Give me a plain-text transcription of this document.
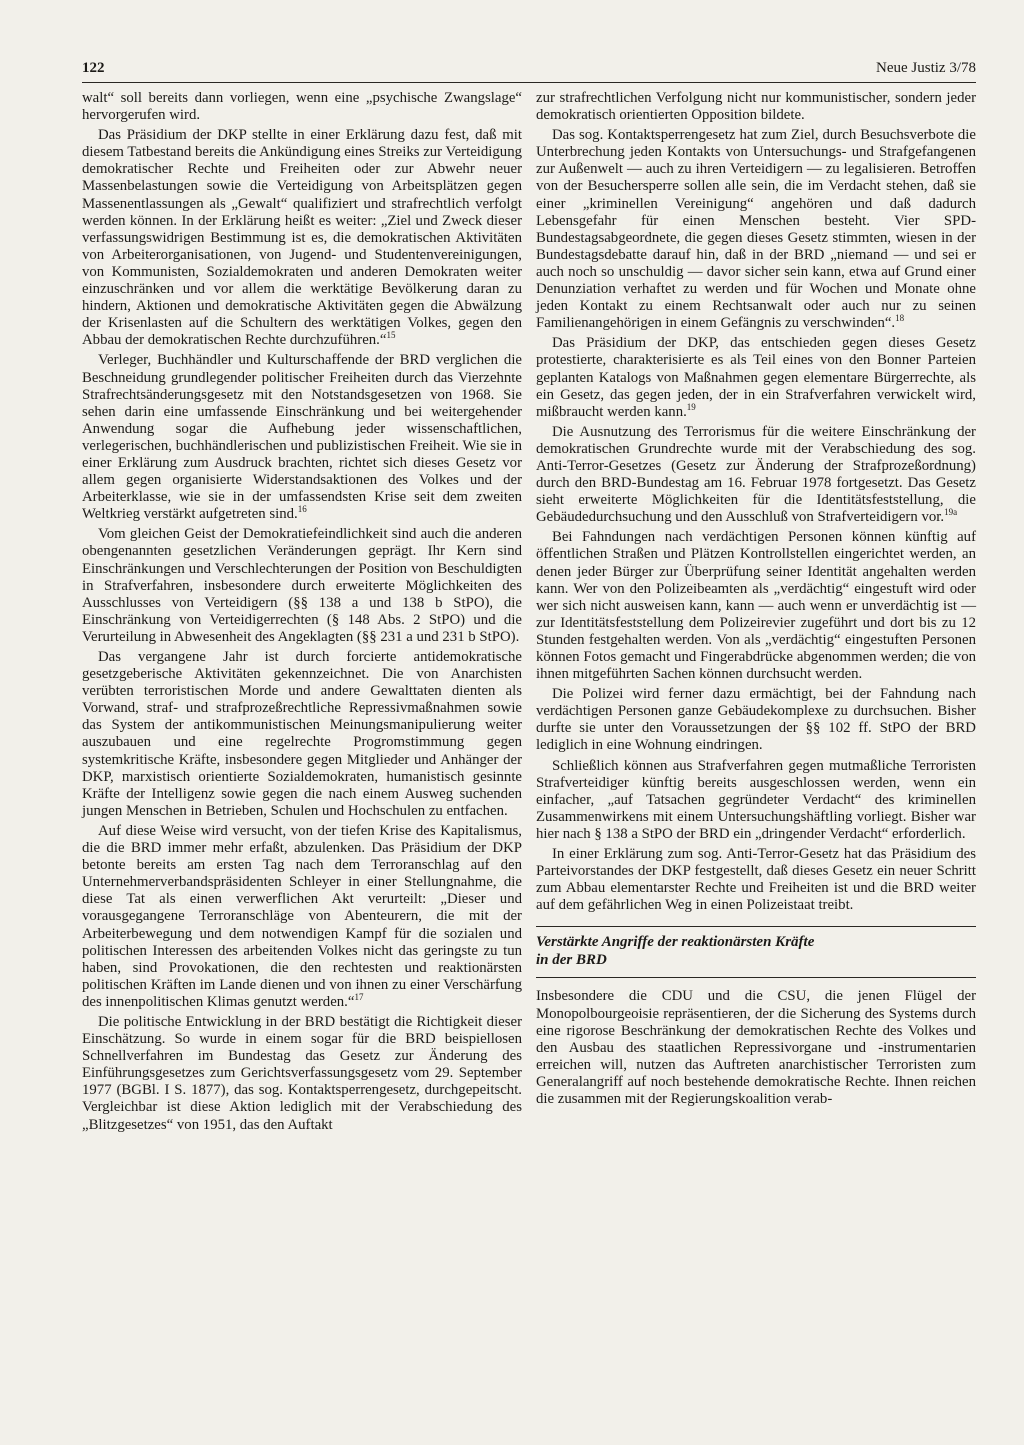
122	Neue Justiz 3/78

walt“ soll bereits dann vorliegen, wenn eine „psychische Zwangslage“ hervorgerufen wird.

Das Präsidium der DKP stellte in einer Erklärung dazu fest, daß mit diesem Tatbestand bereits die Ankündigung eines Streiks zur Verteidigung demokratischer Rechte und Freiheiten oder zur Abwehr neuer Massenbelastungen sowie die Verteidigung von Arbeitsplätzen gegen Massenentlassungen als „Gewalt“ qualifiziert und strafrechtlich verfolgt werden können. In der Erklärung heißt es weiter: „Ziel und Zweck dieser verfassungswidrigen Bestimmung ist es, die demokratischen Aktivitäten von Arbeiterorganisationen, von Jugend- und Studentenvereinigungen, von Kommunisten, Sozialdemokraten und anderen Demokraten weiter einzuschränken und vor allem die werktätige Bevölkerung daran zu hindern, Aktionen und demokratische Aktivitäten gegen die Abwälzung der Krisenlasten auf die Schultern des werktätigen Volkes, gegen den Abbau der demokratischen Rechte durchzuführen.“$^{15}$

Verleger, Buchhändler und Kulturschaffende der BRD verglichen die Beschneidung grundlegender politischer Freiheiten durch das Vierzehnte Strafrechtsänderungsgesetz mit den Notstandsgesetzen von 1968. Sie sehen darin eine umfassende Einschränkung und bei weitergehender Anwendung sogar die Aufhebung jeder wissenschaftlichen, verlegerischen, buchhändlerischen und publizistischen Freiheit. Wie sie in einer Erklärung zum Ausdruck brachten, richtet sich dieses Gesetz vor allem gegen organisierte Widerstandsaktionen des Volkes und der Arbeiterklasse, wie sie in der umfassendsten Krise seit dem zweiten Weltkrieg verstärkt aufgetreten sind.$^{16}$

Vom gleichen Geist der Demokratiefeindlichkeit sind auch die anderen obengenannten gesetzlichen Veränderungen geprägt. Ihr Kern sind Einschränkungen und Verschlechterungen der Position von Beschuldigten in Strafverfahren, insbesondere durch erweiterte Möglichkeiten des Ausschlusses von Verteidigern (§§ 138 a und 138 b StPO), die Einschränkung von Verteidigerrechten (§ 148 Abs. 2 StPO) und die Verurteilung in Abwesenheit des Angeklagten (§§ 231 a und 231 b StPO).

Das vergangene Jahr ist durch forcierte antidemokratische gesetzgeberische Aktivitäten gekennzeichnet. Die von Anarchisten verübten terroristischen Morde und andere Gewalttaten dienten als Vorwand, straf- und strafprozeßrechtliche Repressivmaßnahmen sowie das System der antikommunistischen Meinungsmanipulierung weiter auszubauen und eine regelrechte Progromstimmung gegen systemkritische Kräfte, insbesondere gegen Mitglieder und Anhänger der DKP, marxistisch orientierte Sozialdemokraten, humanistisch gesinnte Kräfte der Intelligenz sowie gegen die nach einem Ausweg suchenden jungen Menschen in Betrieben, Schulen und Hochschulen zu entfachen.

Auf diese Weise wird versucht, von der tiefen Krise des Kapitalismus, die die BRD immer mehr erfaßt, abzulenken. Das Präsidium der DKP betonte bereits am ersten Tag nach dem Terroranschlag auf den Unternehmerverbandspräsidenten Schleyer in einer Stellungnahme, die diese Tat als einen verwerflichen Akt verurteilt: „Dieser und vorausgegangene Terroranschläge von Abenteurern, die mit der Arbeiterbewegung und dem notwendigen Kampf für die sozialen und politischen Interessen des arbeitenden Volkes nicht das geringste zu tun haben, sind Provokationen, die den rechtesten und reaktionärsten politischen Kräften im Lande dienen und von ihnen zu einer Verschärfung des innenpolitischen Klimas genutzt werden.“$^{17}$

Die politische Entwicklung in der BRD bestätigt die Richtigkeit dieser Einschätzung. So wurde in einem sogar für die BRD beispiellosen Schnellverfahren im Bundestag das Gesetz zur Änderung des Einführungsgesetzes zum Gerichtsverfassungsgesetz vom 29. September 1977 (BGBl. I S. 1877), das sog. Kontaktsperrengesetz, durchgepeitscht. Vergleichbar ist diese Aktion lediglich mit der Verabschiedung des „Blitzgesetzes“ von 1951, das den Auftakt

zur strafrechtlichen Verfolgung nicht nur kommunistischer, sondern jeder demokratisch orientierten Opposition bildete.

Das sog. Kontaktsperrengesetz hat zum Ziel, durch Besuchsverbote die Unterbrechung jeden Kontakts von Untersuchungs- und Strafgefangenen zur Außenwelt — auch zu ihren Verteidigern — zu legalisieren. Betroffen von der Besuchersperre sollen alle sein, die im Verdacht stehen, daß sie einer „kriminellen Vereinigung“ angehören und daß dadurch Lebensgefahr für einen Menschen besteht. Vier SPD-Bundestagsabgeordnete, die gegen dieses Gesetz stimmten, wiesen in der Bundestagsdebatte darauf hin, daß in der BRD „niemand — und sei er auch noch so unschuldig — davor sicher sein kann, etwa auf Grund einer Denunziation verhaftet zu werden und für Wochen und Monate ohne jeden Kontakt zu einem Rechtsanwalt oder auch nur zu seinen Familienangehörigen in einem Gefängnis zu verschwinden“.$^{18}$

Das Präsidium der DKP, das entschieden gegen dieses Gesetz protestierte, charakterisierte es als Teil eines von den Bonner Parteien geplanten Katalogs von Maßnahmen gegen elementare Bürgerrechte, als ein Gesetz, das gegen jeden, der in ein Strafverfahren verwickelt wird, mißbraucht werden kann.$^{19}$

Die Ausnutzung des Terrorismus für die weitere Einschränkung der demokratischen Grundrechte wurde mit der Verabschiedung des sog. Anti-Terror-Gesetzes (Gesetz zur Änderung der Strafprozeßordnung) durch den BRD-Bundestag am 16. Februar 1978 fortgesetzt. Das Gesetz sieht erweiterte Möglichkeiten für die Identitätsfeststellung, die Gebäudedurchsuchung und den Ausschluß von Strafverteidigern vor.$^{19a}$

Bei Fahndungen nach verdächtigen Personen können künftig auf öffentlichen Straßen und Plätzen Kontrollstellen eingerichtet werden, an denen jeder Bürger zur Überprüfung seiner Identität angehalten werden kann. Wer von den Polizeibeamten als „verdächtig“ eingestuft wird oder wer sich nicht ausweisen kann, kann — auch wenn er unverdächtig ist — zur Identitätsfeststellung dem Polizeirevier zugeführt und dort bis zu 12 Stunden festgehalten werden. Von als „verdächtig“ eingestuften Personen können Fotos gemacht und Fingerabdrücke abgenommen werden; die von ihnen mitgeführten Sachen können durchsucht werden.

Die Polizei wird ferner dazu ermächtigt, bei der Fahndung nach verdächtigen Personen ganze Gebäudekomplexe zu durchsuchen. Bisher durfte sie unter den Voraussetzungen der §§ 102 ff. StPO der BRD lediglich in eine Wohnung eindringen.

Schließlich können aus Strafverfahren gegen mutmaßliche Terroristen Strafverteidiger künftig bereits ausgeschlossen werden, wenn ein einfacher, „auf Tatsachen gegründeter Verdacht“ des kriminellen Zusammenwirkens mit einem Untersuchungshäftling vorliegt. Bisher war hier nach § 138 a StPO der BRD ein „dringender Verdacht“ erforderlich.

In einer Erklärung zum sog. Anti-Terror-Gesetz hat das Präsidium des Parteivorstandes der DKP festgestellt, daß dieses Gesetz ein neuer Schritt zum Abbau elementarster Rechte und Freiheiten ist und die BRD weiter auf dem gefährlichen Weg in einen Polizeistaat treibt.

Verstärkte Angriffe der reaktionärsten Kräfte
in der BRD

Insbesondere die CDU und die CSU, die jenen Flügel der Monopolbourgeoisie repräsentieren, der die Sicherung des Systems durch eine rigorose Beschränkung der demokratischen Rechte des Volkes und den Ausbau des staatlichen Repressivorgane und -instrumentarien erreichen will, nutzen das Auftreten anarchistischer Terroristen zum Generalangriff auf noch bestehende demokratische Rechte. Ihnen reichen die zusammen mit der Regierungskoalition verab-
